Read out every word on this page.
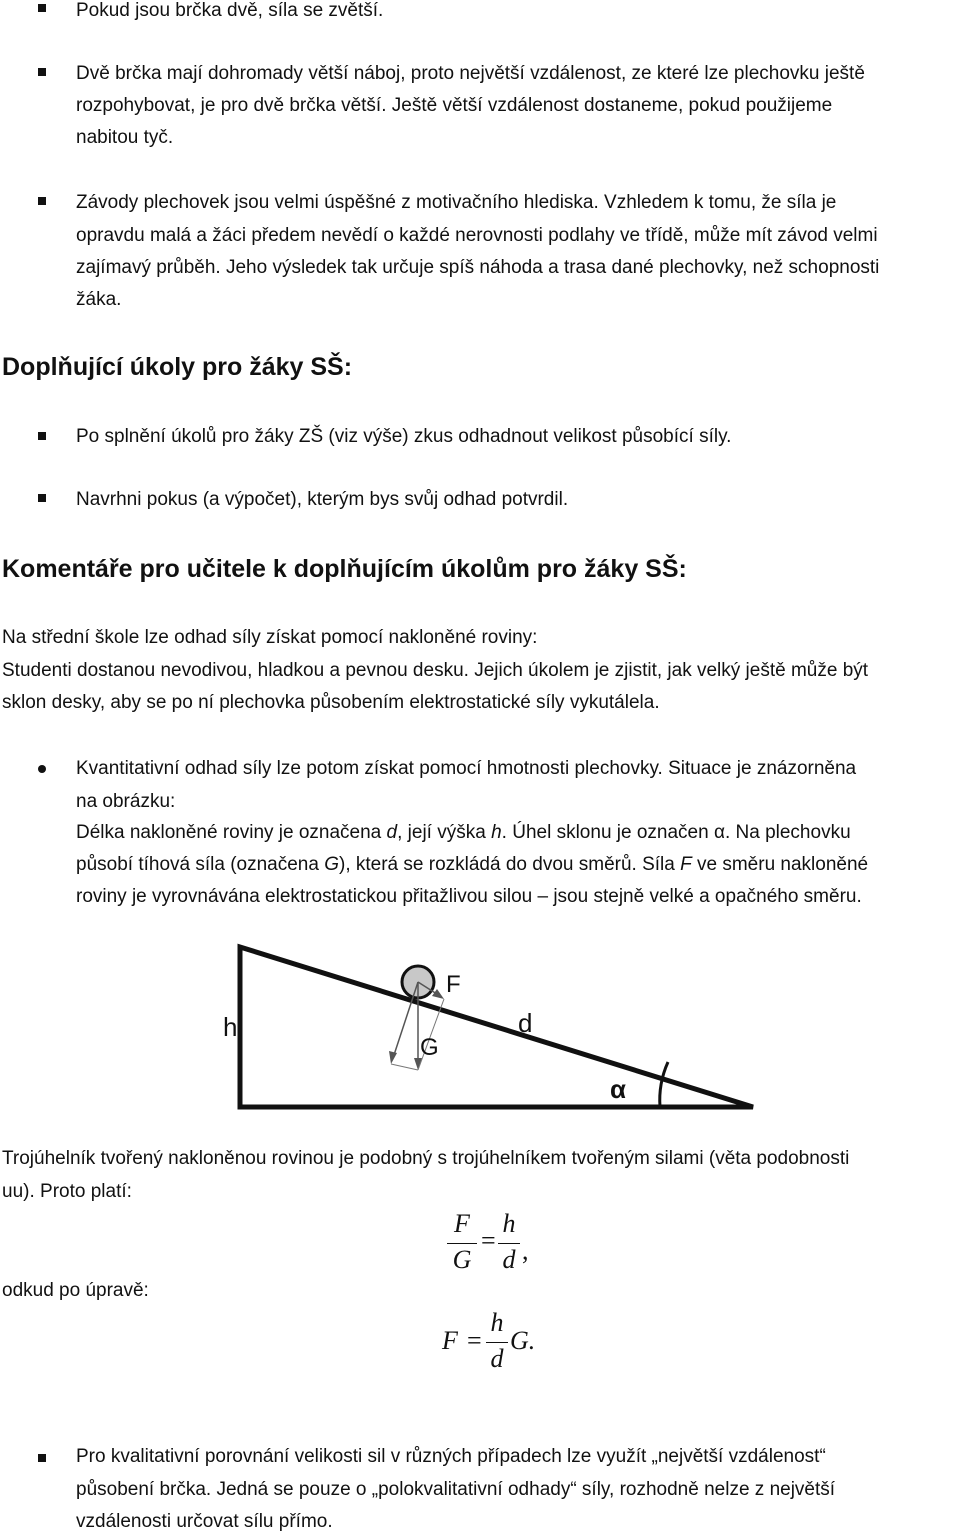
Pokud jsou brčka dvě, síla se zvětší.
Dvě brčka mají dohromady větší náboj, proto největší vzdálenost, ze které lze plechovku ještě
rozpohybovat, je pro dvě brčka větší. Ještě větší vzdálenost dostaneme, pokud použijeme
nabitou tyč.
Závody plechovek jsou velmi úspěšné z motivačního hlediska. Vzhledem k tomu, že síla je
opravdu malá a žáci předem nevědí o každé nerovnosti podlahy ve třídě, může mít závod velmi
zajímavý průběh. Jeho výsledek tak určuje spíš náhoda a trasa dané plechovky, než schopnosti
žáka.
Doplňující úkoly pro žáky SŠ:
Po splnění úkolů pro žáky ZŠ (viz výše) zkus odhadnout velikost působící síly.
Navrhni pokus (a výpočet), kterým bys svůj odhad potvrdil.
Komentáře pro učitele k doplňujícím úkolům pro žáky SŠ:
Na střední škole lze odhad síly získat pomocí nakloněné roviny:
Studenti dostanou nevodivou, hladkou a pevnou desku. Jejich úkolem je zjistit, jak velký ještě může být
sklon desky, aby se po ní plechovka působením elektrostatické síly vykutálela.
Kvantitativní odhad síly lze potom získat pomocí hmotnosti plechovky. Situace je znázorněna
na obrázku:
Délka nakloněné roviny je označena d, její výška h. Úhel sklonu je označen α. Na plechovku
působí tíhová síla (označena G), která se rozkládá do dvou směrů. Síla F ve směru nakloněné
roviny je vyrovnávána elektrostatickou přitažlivou silou – jsou stejně velké a opačného směru.
h	d
F
G
α
Trojúhelník tvořený nakloněnou rovinou je podobný s trojúhelníkem tvořeným silami (věta podobnosti
uu). Proto platí:
F
G
=
h
d ,
odkud po úpravě:
F =
h
d
G.
Pro kvalitativní porovnání velikosti sil v různých případech lze využít „největší vzdálenost“
působení brčka. Jedná se pouze o „polokvalitativní odhady“ síly, rozhodně nelze z největší
vzdálenosti určovat sílu přímo.
